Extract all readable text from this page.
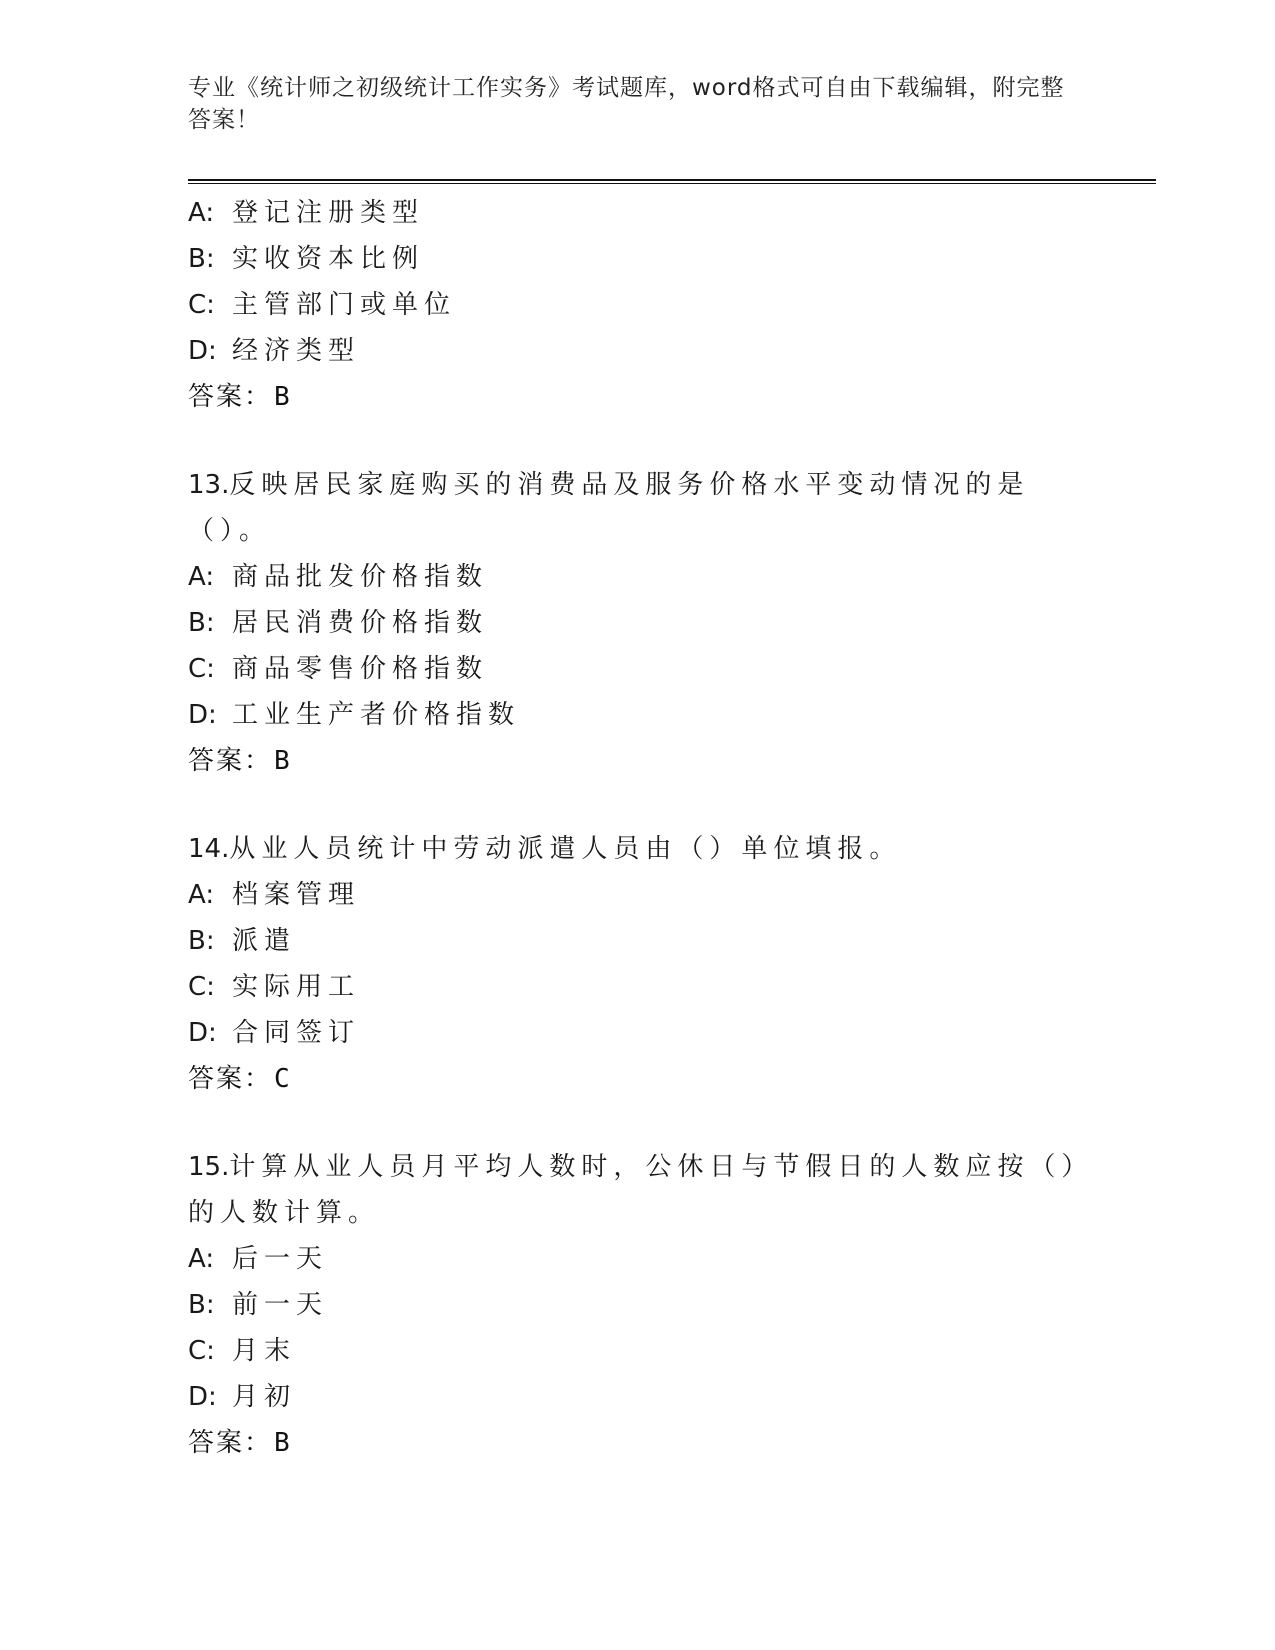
专业《统计师之初级统计工作实务》考试题库，word格式可自由下载编辑，附完整答案！
A: 登记注册类型
B: 实收资本比例
C: 主管部门或单位
D: 经济类型
答案：B
13.反映居民家庭购买的消费品及服务价格水平变动情况的是（）。
A: 商品批发价格指数
B: 居民消费价格指数
C: 商品零售价格指数
D: 工业生产者价格指数
答案：B
14.从业人员统计中劳动派遣人员由（）单位填报。
A: 档案管理
B: 派遣
C: 实际用工
D: 合同签订
答案：C
15.计算从业人员月平均人数时，公休日与节假日的人数应按（）的人数计算。
A: 后一天
B: 前一天
C: 月末
D: 月初
答案：B
